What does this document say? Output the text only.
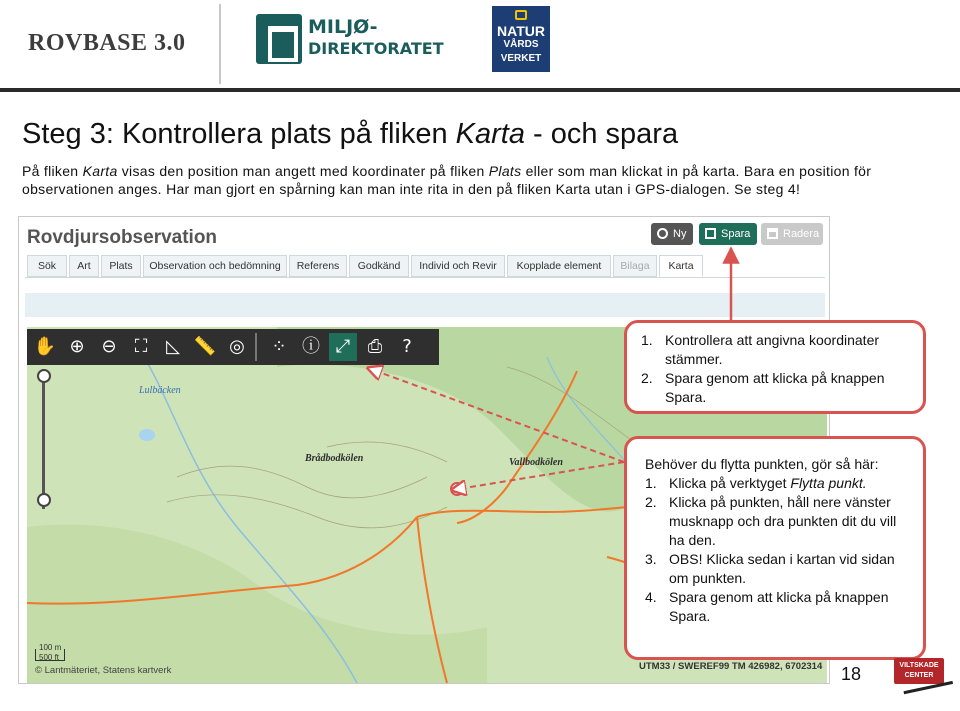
ROVBASE 3.0
MILJØ-
DIREKTORATET
NATUR
VÅRDS
VERKET
Steg 3: Kontrollera plats på fliken Karta - och spara
På fliken Karta visas den position man angett med koordinater på fliken Plats eller som man klickat in på karta. Bara en position för observationen anges. Har man gjort en spårning kan man inte rita in den på fliken Karta utan i GPS-dialogen. Se steg 4!
Rovdjursobservation	Ny	Spara	Radera
Sök	Art	Plats	Observation och bedömning	Referens	Godkänd	Individ och Revir	Kopplade element	Bilaga	Karta
✋ ⊕ ⊖	⛶	◺ 📏 ◎	⁘ ⓘ ⤢ ⎙	?
Lulbäcken
Brådbodkölen	Vallbodkölen
100 m
500 ft
© Lantmäteriet, Statens kartverk	UTM33 / SWEREF99 TM 426982, 6702314
1. Kontrollera att angivna koordinater stämmer.
2. Spara genom att klicka på knappen Spara.
Behöver du flytta punkten, gör så här:
1. Klicka på verktyget Flytta punkt.
2. Klicka på punkten, håll nere vänster musknapp och dra punkten dit du vill ha den.
3. OBS! Klicka sedan i kartan vid sidan om punkten.
4. Spara genom att klicka på knappen Spara.
18	VILTSKADE
CENTER
